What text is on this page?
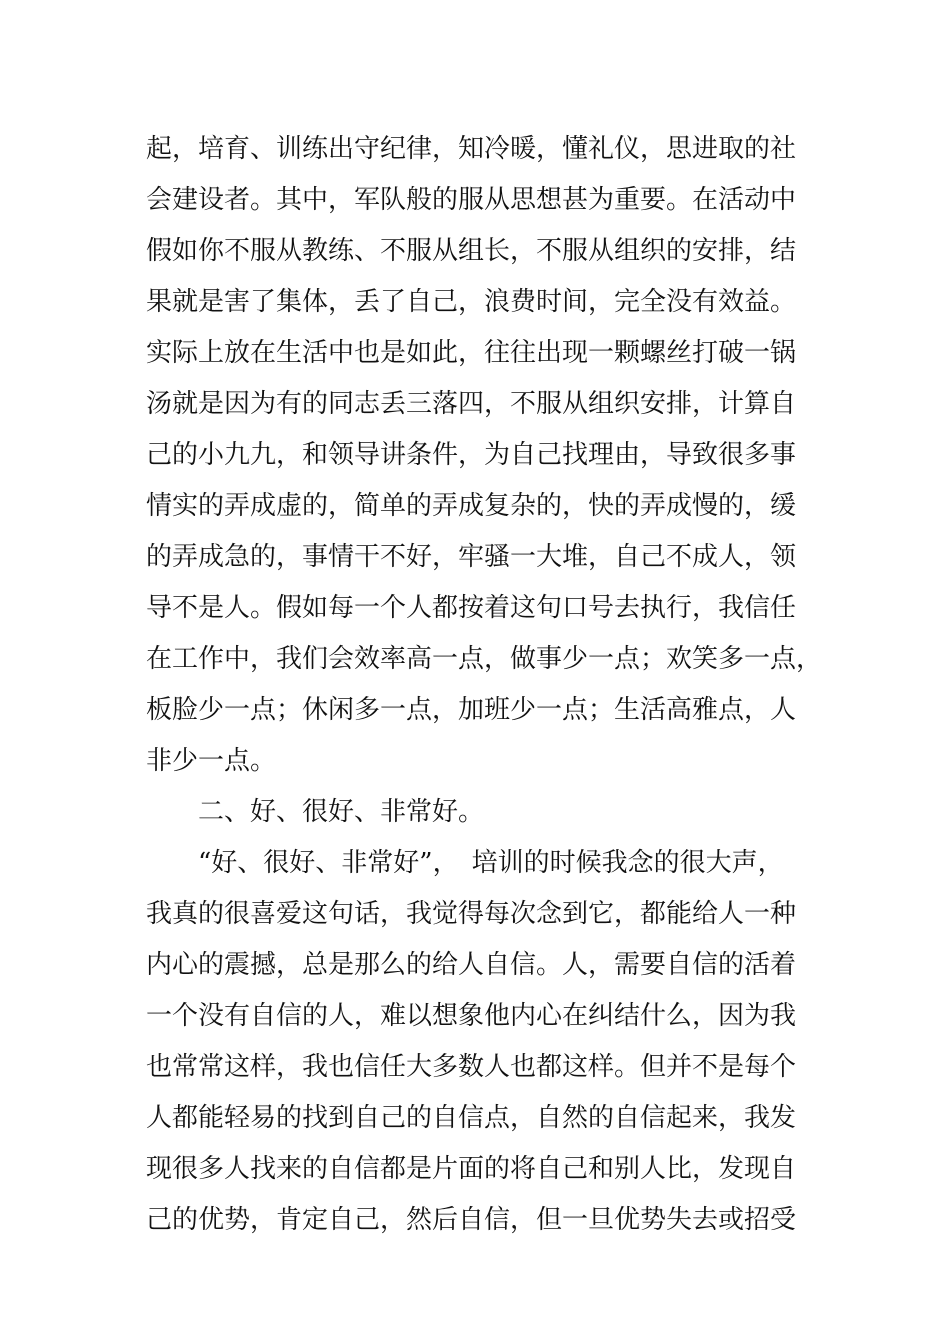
起，培育、训练出守纪律，知冷暖，懂礼仪，思进取的社
会建设者。其中，军队般的服从思想甚为重要。在活动中
假如你不服从教练、不服从组长，不服从组织的安排，结
果就是害了集体，丢了自己，浪费时间，完全没有效益。
实际上放在生活中也是如此，往往出现一颗螺丝打破一锅
汤就是因为有的同志丢三落四，不服从组织安排，计算自
己的小九九，和领导讲条件，为自己找理由，导致很多事
情实的弄成虚的，简单的弄成复杂的，快的弄成慢的，缓
的弄成急的，事情干不好，牢骚一大堆，自己不成人，领
导不是人。假如每一个人都按着这句口号去执行，我信任
在工作中，我们会效率高一点，做事少一点；欢笑多一点，
板脸少一点；休闲多一点，加班少一点；生活高雅点，人
非少一点。
二、好、很好、非常好。
“好、很好、非常好”，　培训的时候我念的很大声，
我真的很喜爱这句话，我觉得每次念到它，都能给人一种
内心的震撼，总是那么的给人自信。人，需要自信的活着
一个没有自信的人，难以想象他内心在纠结什么，因为我
也常常这样，我也信任大多数人也都这样。但并不是每个
人都能轻易的找到自己的自信点，自然的自信起来，我发
现很多人找来的自信都是片面的将自己和别人比，发现自
己的优势，肯定自己，然后自信，但一旦优势失去或招受
